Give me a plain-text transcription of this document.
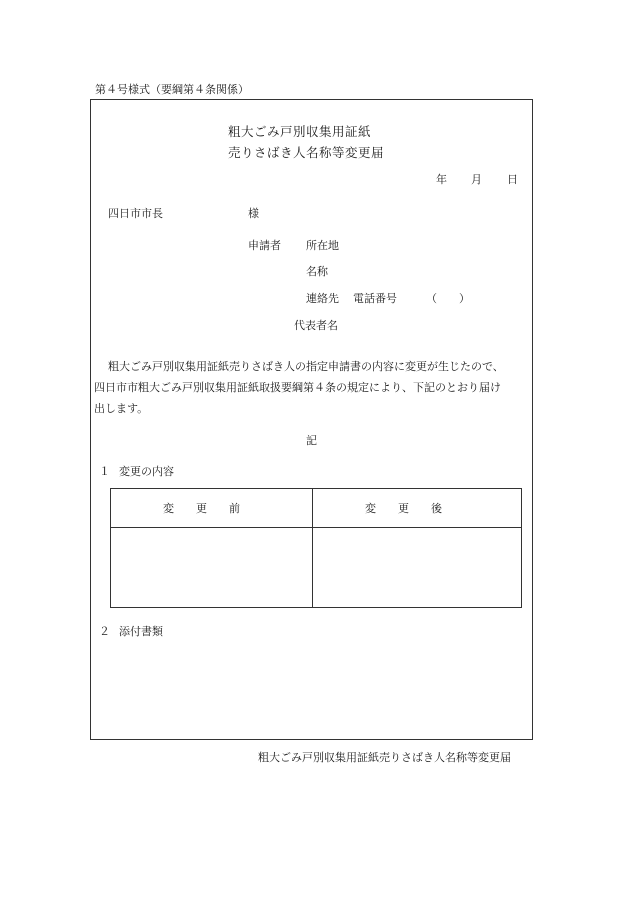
第４号様式（要綱第４条関係）
粗大ごみ戸別収集用証紙
売りさばき人名称等変更届
年 月 日
四日市市長	様
申請者 所在地
名称
連絡先 電話番号	（　　）
代表者名
粗大ごみ戸別収集用証紙売りさばき人の指定申請書の内容に変更が生じたので、
四日市市粗大ごみ戸別収集用証紙取扱要綱第４条の規定により、下記のとおり届け
出します。
記
１ 変更の内容
変　　更　　前	変　　更　　後
２ 添付書類
粗大ごみ戸別収集用証紙売りさばき人名称等変更届
